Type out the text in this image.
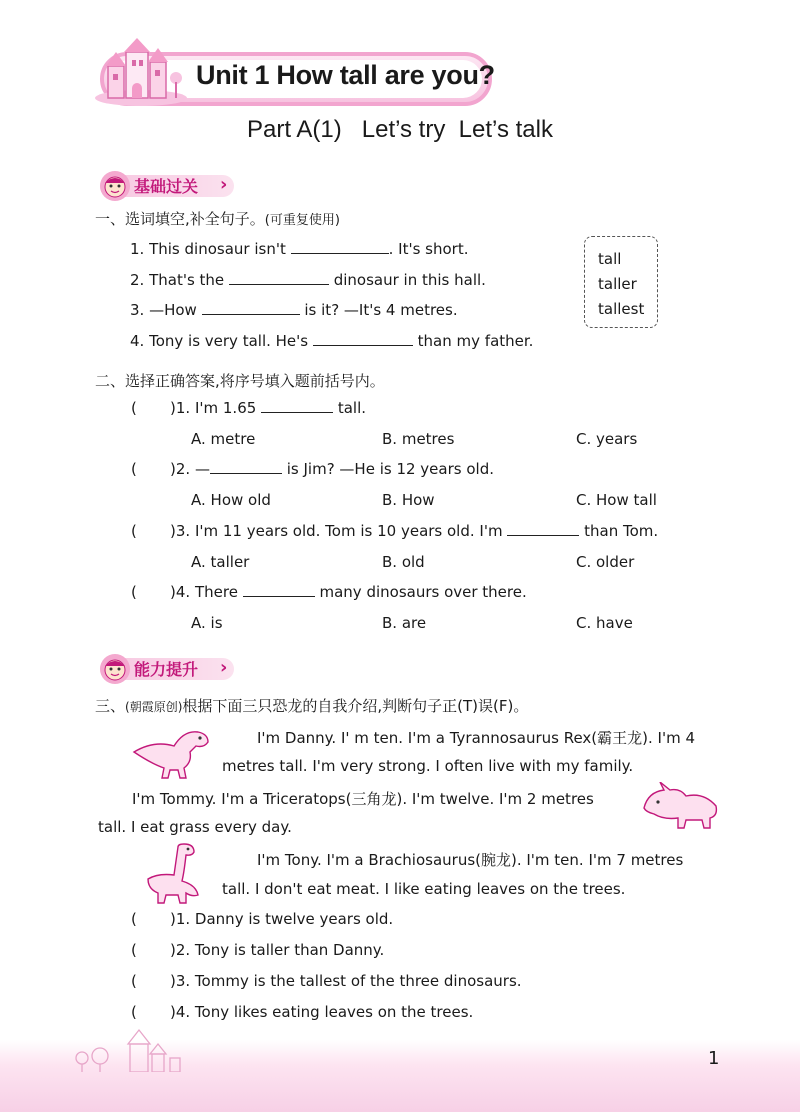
Unit 1 How tall are you?
Part A(1)   Let’s try  Let’s talk
基础过关 ›
一、选词填空,补全句子。(可重复使用)
1. This dinosaur isn't	. It's short.
2. That's the	dinosaur in this hall.
3. —How	is it? —It's 4 metres.
4. Tony is very tall. He's	than my father.
tall
taller
tallest
二、选择正确答案,将序号填入题前括号内。
( )1. I'm 1.65	tall.
A. metre	B. metres	C. years
( )2. —	is Jim? —He is 12 years old.
A. How old	B. How	C. How tall
( )3. I'm 11 years old. Tom is 10 years old. I'm	than Tom.
A. taller	B. old	C. older
( )4. There	many dinosaurs over there.
A. is	B. are	C. have
能力提升 ›
三、(朝霞原创)根据下面三只恐龙的自我介绍,判断句子正(T)误(F)。
I'm Danny. I' m ten. I'm a Tyrannosaurus Rex(霸王龙). I'm 4
metres tall. I'm very strong. I often live with my family.
I'm Tommy. I'm a Triceratops(三角龙). I'm twelve. I'm 2 metres
tall. I eat grass every day.
I'm Tony. I'm a Brachiosaurus(腕龙). I'm ten. I'm 7 metres
tall. I don't eat meat. I like eating leaves on the trees.
( )1. Danny is twelve years old.
( )2. Tony is taller than Danny.
( )3. Tommy is the tallest of the three dinosaurs.
( )4. Tony likes eating leaves on the trees.
1
